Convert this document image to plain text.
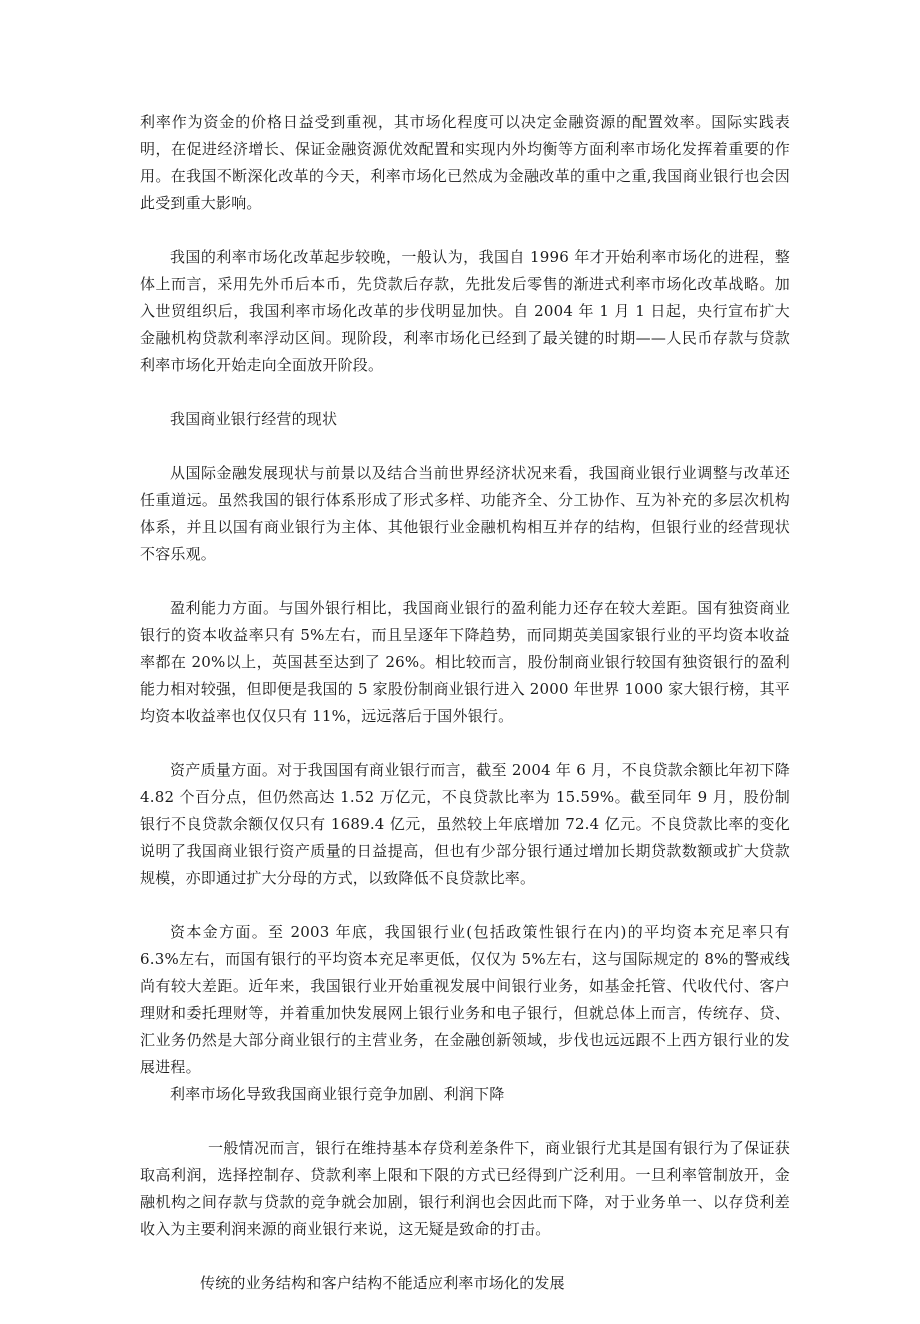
利率作为资金的价格日益受到重视，其市场化程度可以决定金融资源的配置效率。国际实践表明，在促进经济增长、保证金融资源优效配置和实现内外均衡等方面利率市场化发挥着重要的作用。在我国不断深化改革的今天，利率市场化已然成为金融改革的重中之重,我国商业银行也会因此受到重大影响。

我国的利率市场化改革起步较晚，一般认为，我国自 1996 年才开始利率市场化的进程，整体上而言，采用先外币后本币，先贷款后存款，先批发后零售的渐进式利率市场化改革战略。加入世贸组织后，我国利率市场化改革的步伐明显加快。自 2004 年 1 月 1 日起，央行宣布扩大金融机构贷款利率浮动区间。现阶段，利率市场化已经到了最关键的时期——人民币存款与贷款利率市场化开始走向全面放开阶段。

我国商业银行经营的现状

从国际金融发展现状与前景以及结合当前世界经济状况来看，我国商业银行业调整与改革还任重道远。虽然我国的银行体系形成了形式多样、功能齐全、分工协作、互为补充的多层次机构体系，并且以国有商业银行为主体、其他银行业金融机构相互并存的结构，但银行业的经营现状不容乐观。

盈利能力方面。与国外银行相比，我国商业银行的盈利能力还存在较大差距。国有独资商业银行的资本收益率只有 5%左右，而且呈逐年下降趋势，而同期英美国家银行业的平均资本收益率都在 20%以上，英国甚至达到了 26%。相比较而言，股份制商业银行较国有独资银行的盈利能力相对较强，但即便是我国的 5 家股份制商业银行进入 2000 年世界 1000 家大银行榜，其平均资本收益率也仅仅只有 11%，远远落后于国外银行。

资产质量方面。对于我国国有商业银行而言，截至 2004 年 6 月，不良贷款余额比年初下降 4.82 个百分点，但仍然高达 1.52 万亿元，不良贷款比率为 15.59%。截至同年 9 月，股份制银行不良贷款余额仅仅只有 1689.4 亿元，虽然较上年底增加 72.4 亿元。不良贷款比率的变化说明了我国商业银行资产质量的日益提高，但也有少部分银行通过增加长期贷款数额或扩大贷款规模，亦即通过扩大分母的方式，以致降低不良贷款比率。

资本金方面。至 2003 年底，我国银行业(包括政策性银行在内)的平均资本充足率只有 6.3%左右，而国有银行的平均资本充足率更低，仅仅为 5%左右，这与国际规定的 8%的警戒线尚有较大差距。近年来，我国银行业开始重视发展中间银行业务，如基金托管、代收代付、客户理财和委托理财等，并着重加快发展网上银行业务和电子银行，但就总体上而言，传统存、贷、汇业务仍然是大部分商业银行的主营业务，在金融创新领域，步伐也远远跟不上西方银行业的发展进程。

利率市场化导致我国商业银行竞争加剧、利润下降

一般情况而言，银行在维持基本存贷利差条件下，商业银行尤其是国有银行为了保证获取高利润，选择控制存、贷款利率上限和下限的方式已经得到广泛利用。一旦利率管制放开，金融机构之间存款与贷款的竞争就会加剧，银行利润也会因此而下降，对于业务单一、以存贷利差收入为主要利润来源的商业银行来说，这无疑是致命的打击。

传统的业务结构和客户结构不能适应利率市场化的发展
